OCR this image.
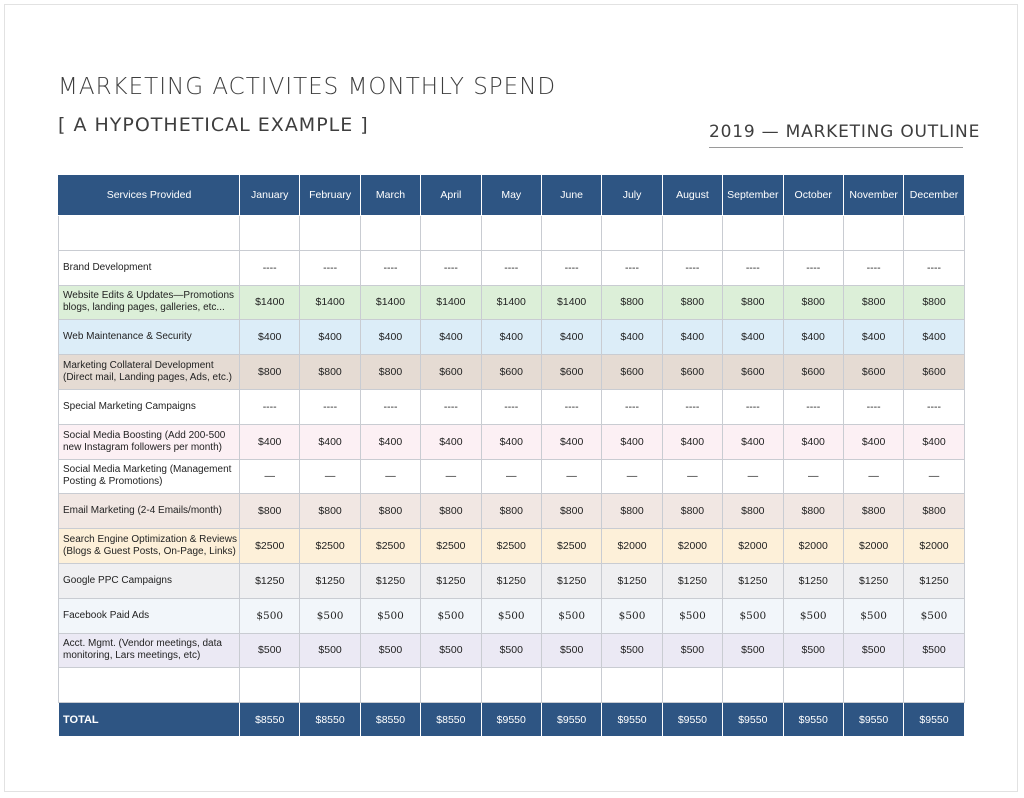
MARKETING ACTIVITES MONTHLY SPEND
[ A HYPOTHETICAL EXAMPLE ]	2019 — MARKETING OUTLINE
Services Provided	January	February	March	April	May	June	July	August	September	October	November	December

Brand Development	----	----	----	----	----	----	----	----	----	----	----	----
Website Edits & Updates—Promotions blogs, landing pages, galleries, etc...	$1400	$1400	$1400	$1400	$1400	$1400	$800	$800	$800	$800	$800	$800
Web Maintenance & Security	$400	$400	$400	$400	$400	$400	$400	$400	$400	$400	$400	$400
Marketing Collateral Development (Direct mail, Landing pages, Ads, etc.)	$800	$800	$800	$600	$600	$600	$600	$600	$600	$600	$600	$600
Special Marketing Campaigns	----	----	----	----	----	----	----	----	----	----	----	----
Social Media Boosting (Add 200-500 new Instagram followers per month)	$400	$400	$400	$400	$400	$400	$400	$400	$400	$400	$400	$400
Social Media Marketing (Management Posting & Promotions)	—	—	—	—	—	—	—	—	—	—	—	—
Email Marketing (2-4 Emails/month)	$800	$800	$800	$800	$800	$800	$800	$800	$800	$800	$800	$800
Search Engine Optimization & Reviews (Blogs & Guest Posts, On-Page, Links)	$2500	$2500	$2500	$2500	$2500	$2500	$2000	$2000	$2000	$2000	$2000	$2000
Google PPC Campaigns	$1250	$1250	$1250	$1250	$1250	$1250	$1250	$1250	$1250	$1250	$1250	$1250
Facebook Paid Ads	$500	$500	$500	$500	$500	$500	$500	$500	$500	$500	$500	$500
Acct. Mgmt. (Vendor meetings, data monitoring, Lars meetings, etc)	$500	$500	$500	$500	$500	$500	$500	$500	$500	$500	$500	$500

TOTAL	$8550	$8550	$8550	$8550	$9550	$9550	$9550	$9550	$9550	$9550	$9550	$9550
